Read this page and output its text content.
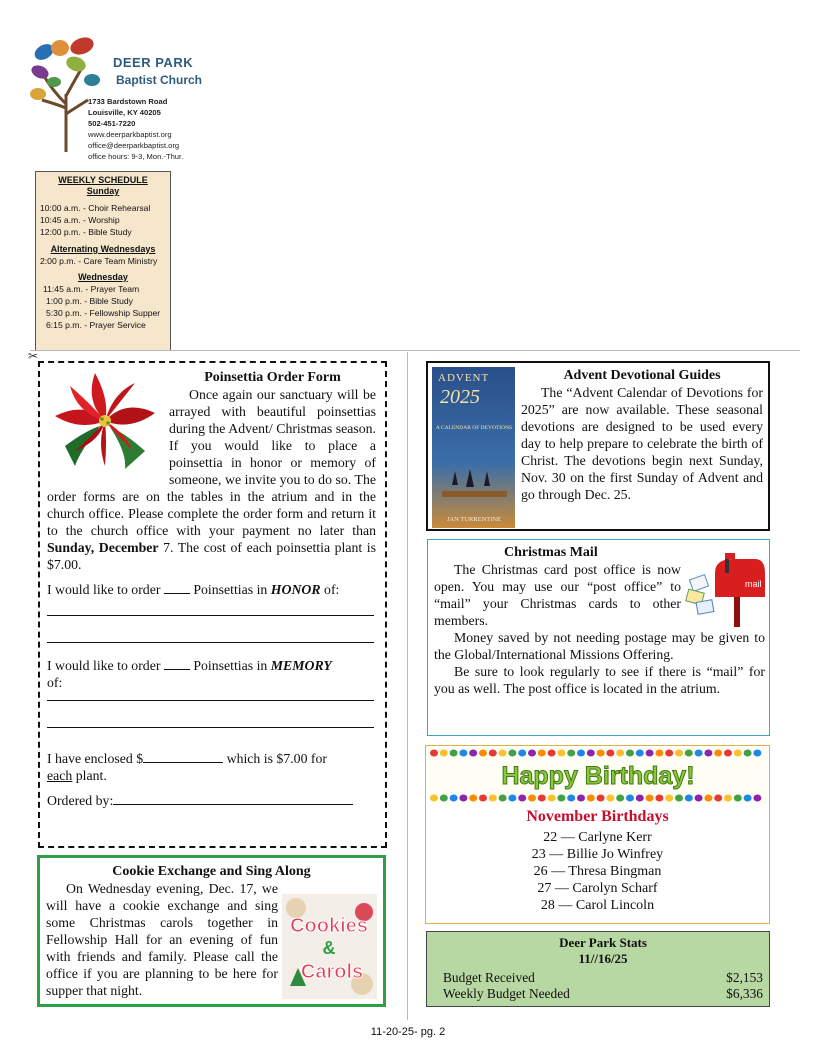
DEER PARK
Baptist Church
1733 Bardstown Road
Louisville, KY 40205
502-451-7220
www.deerparkbaptist.org
office@deerparkbaptist.org
office hours: 9-3, Mon.-Thur.
WEEKLY SCHEDULE
Sunday
10:00 a.m. - Choir Rehearsal
10:45 a.m. - Worship
12:00 p.m. - Bible Study
Alternating Wednesdays
2:00 p.m. - Care Team Ministry
Wednesday
11:45 a.m. - Prayer Team
1:00 p.m. - Bible Study
5:30 p.m. - Fellowship Supper
6:15 p.m. - Prayer Service
✂
Poinsettia Order Form
Once again our sanctuary will be arrayed with beautiful poinsettias during the Advent/ Christmas season. If you would like to place a poinsettia in honor or memory of someone, we invite you to do so. The order forms are on the tables in the atrium and in the church office. Please complete the order form and return it to the church office with your payment no later than Sunday, December 7. The cost of each poinsettia plant is $7.00.
I would like to order Poinsettias in HONOR of:
I would like to order Poinsettias in MEMORY
of:
I have enclosed $	which is $7.00 for
each plant.
Ordered by:
Cookie Exchange and Sing Along
Cookies
&
Carols
On Wednesday evening, Dec. 17, we will have a cookie exchange and sing some Christmas carols together in Fellowship Hall for an evening of fun with friends and family. Please call the office if you are planning to be here for supper that night.
ADVENT
2025
A CALENDAR OF DEVOTIONS
JAN TURRENTINE
Advent Devotional Guides
The “Advent Calendar of Devotions for 2025” are now available. These seasonal devotions are designed to be used every day to help prepare to celebrate the birth of Christ. The devotions begin next Sunday, Nov. 30 on the first Sunday of Advent and go through Dec. 25.
Christmas Mail
mail
The Christmas card post office is now open. You may use our “post office” to “mail” your Christmas cards to other members.
Money saved by not needing postage may be given to the Global/International Missions Offering.
Be sure to look regularly to see if there is “mail” for you as well. The post office is located in the atrium.
Happy Birthday!
November Birthdays
22 — Carlyne Kerr
23 — Billie Jo Winfrey
26 — Thresa Bingman
27 — Carolyn Scharf
28 — Carol Lincoln
Deer Park Stats
11//16/25
Budget Received	$2,153
Weekly Budget Needed	$6,336
11-20-25- pg. 2
